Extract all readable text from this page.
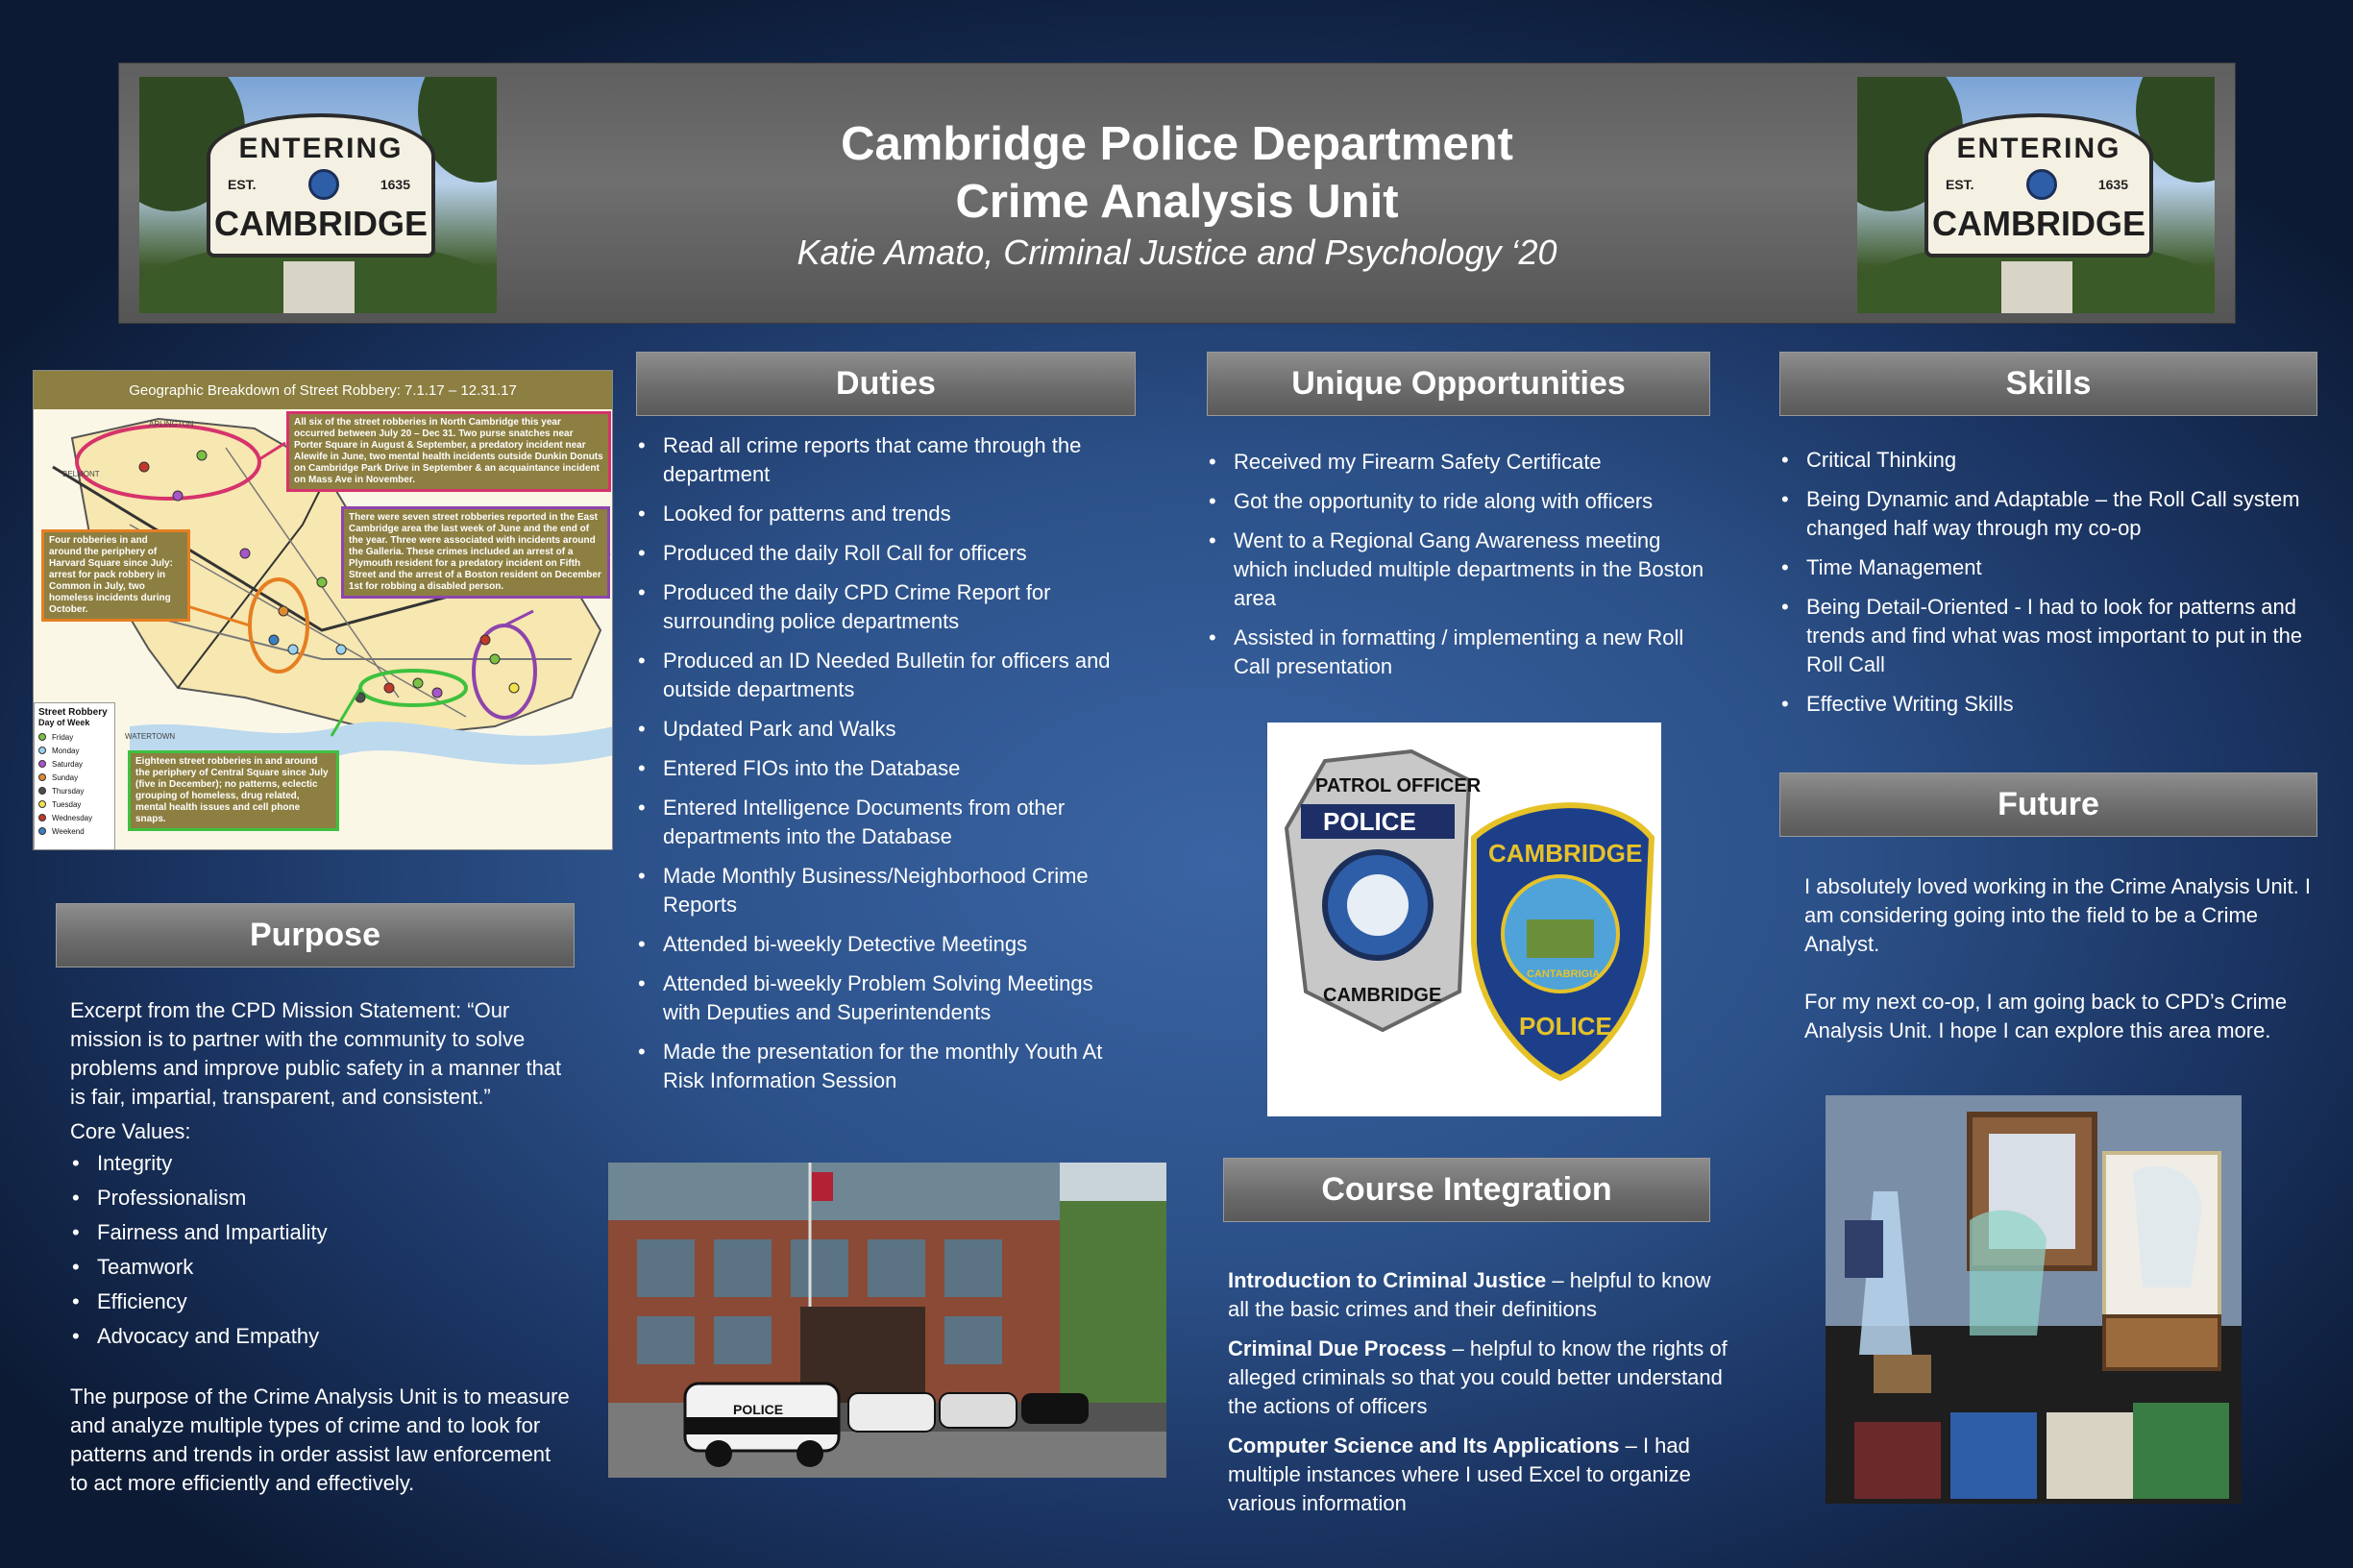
ENTERING
EST.	1635
CAMBRIDGE
Cambridge Police Department
Crime Analysis Unit
Katie Amato, Criminal Justice and Psychology ‘20
ENTERING
EST.	1635
CAMBRIDGE
Geographic Breakdown of Street Robbery: 7.1.17 – 12.31.17
BELMONT
ARLINGTON
WATERTOWN
All six of the street robberies in North Cambridge this year occurred between July 20 – Dec 31. Two purse snatches near Porter Square in August & September, a predatory incident near Alewife in June, two mental health incidents outside Dunkin Donuts on Cambridge Park Drive in September & an acquaintance incident on Mass Ave in November.
There were seven street robberies reported in the East Cambridge area the last week of June and the end of the year. Three were associated with incidents around the Galleria. These crimes included an arrest of a Plymouth resident for a predatory incident on Fifth Street and the arrest of a Boston resident on December 1st for robbing a disabled person.
Four robberies in and around the periphery of Harvard Square since July: arrest for pack robbery in Common in July, two homeless incidents during October.
Eighteen street robberies in and around the periphery of Central Square since July (five in December); no patterns, eclectic grouping of homeless, drug related, mental health issues and cell phone snaps.
Street Robbery
Day of Week
Friday
Monday
Saturday
Sunday
Thursday
Tuesday
Wednesday
Weekend
Purpose

Excerpt from the CPD Mission Statement: “Our mission is to partner with the community to solve problems and improve public safety in a manner that is fair, impartial, transparent, and consistent.”

Core Values:

• Integrity
• Professionalism
• Fairness and Impartiality
• Teamwork
• Efficiency
• Advocacy and Empathy

The purpose of the Crime Analysis Unit is to measure and analyze multiple types of crime and to look for patterns and trends in order assist law enforcement to act more efficiently and effectively.

Duties
• Read all crime reports that came through the department
• Looked for patterns and trends
• Produced the daily Roll Call for officers
• Produced the daily CPD Crime Report for surrounding police departments
• Produced an ID Needed Bulletin for officers and outside departments
• Updated Park and Walks
• Entered FIOs into the Database
• Entered Intelligence Documents from other departments into the Database
• Made Monthly Business/Neighborhood Crime Reports
• Attended bi-weekly Detective Meetings
• Attended bi-weekly Problem Solving Meetings with Deputies and Superintendents
• Made the presentation for the monthly Youth At Risk Information Session
POLICE
Unique Opportunities
• Received my Firearm Safety Certificate
• Got the opportunity to ride along with officers
• Went to a Regional Gang Awareness meeting which included multiple departments in the Boston area
• Assisted in formatting / implementing a new Roll Call presentation
PATROL OFFICER
POLICE
CAMBRIDGE
CAMBRIDGE
CANTABRIGIA
POLICE
Course Integration

Introduction to Criminal Justice – helpful to know all the basic crimes and their definitions

Criminal Due Process – helpful to know the rights of alleged criminals so that you could better understand the actions of officers

Computer Science and Its Applications – I had multiple instances where I used Excel to organize various information

Skills
• Critical Thinking
• Being Dynamic and Adaptable – the Roll Call system changed half way through my co-op
• Time Management
• Being Detail-Oriented - I had to look for patterns and trends and find what was most important to put in the Roll Call
• Effective Writing Skills
Future

I absolutely loved working in the Crime Analysis Unit. I am considering going into the field to be a Crime Analyst.

For my next co-op, I am going back to CPD’s Crime Analysis Unit. I hope I can explore this area more.
